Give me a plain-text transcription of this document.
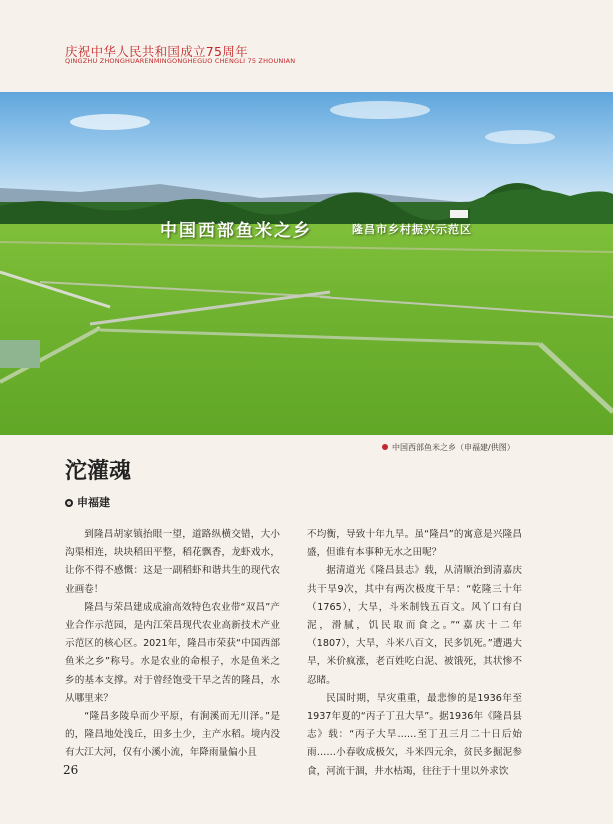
庆祝中华人民共和国成立75周年
QINGZHU ZHONGHUARENMINGONGHEGUO CHENGLI 75 ZHOUNIAN
中国西部鱼米之乡	隆昌市乡村振兴示范区
中国西部鱼米之乡（申福建/供图）
沱灌魂
申福建

到隆昌胡家镇抬眼一望，道路纵横交错，大小沟渠相连，块块稻田平整，稻花飘香，龙虾戏水，让你不得不感慨：这是一副稻虾和谐共生的现代农业画卷！

隆昌与荣昌建成成渝高效特色农业带“双昌”产业合作示范园，是内江荣昌现代农业高新技术产业示范区的核心区。2021年，隆昌市荣获“中国西部鱼米之乡”称号。水是农业的命根子，水是鱼米之乡的基本支撑。对于曾经饱受干旱之苦的隆昌，水从哪里来？

“隆昌多陵阜而少平原，有涧溪而无川泽。”是的，隆昌地处浅丘，田多土少，主产水稻。境内没有大江大河，仅有小溪小流，年降雨量偏小且

不均衡，导致十年九旱。虽“隆昌”的寓意是兴隆昌盛，但谁有本事种无水之田呢？

据清道光《隆昌县志》载，从清顺治到清嘉庆共干旱9次，其中有两次极度干旱：“乾隆三十年（1765），大旱，斗米制钱五百文。风丫口有白泥，滑腻，饥民取而食之。”“嘉庆十二年（1807），大旱，斗米八百文，民多饥死。”遭遇大旱，米价疯涨，老百姓吃白泥、被饿死，其状惨不忍睹。

民国时期，旱灾重重，最悲惨的是1936年至1937年夏的“丙子丁丑大旱”。据1936年《隆昌县志》载：“丙子大旱……至丁丑三月二十日后始雨……小春收成极欠，斗米四元余，贫民多掘泥参食，河流干涸，井水枯竭，往往于十里以外求饮

26
